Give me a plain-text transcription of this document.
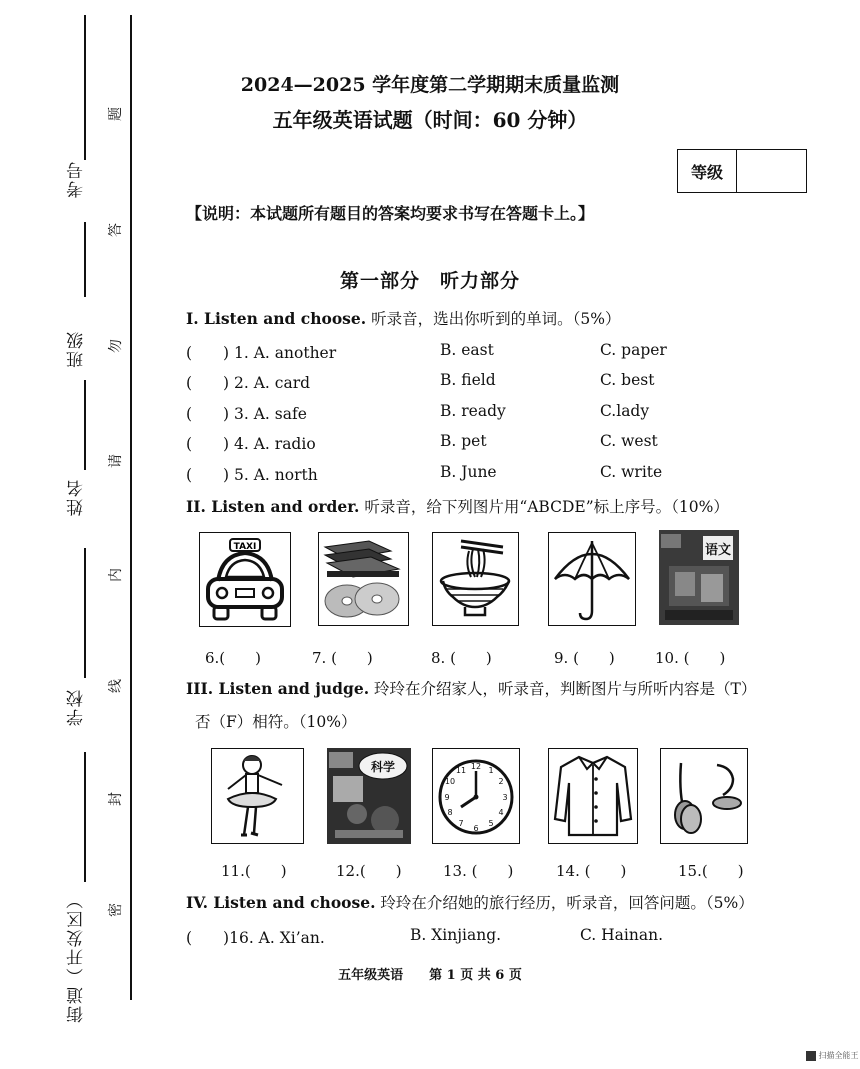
考号
班级
姓名
学校
街道（开发区）
题
答
勿
请
内
线
封
密
2024—2025 学年度第二学期期末质量监测
五年级英语试题（时间：60 分钟）
等级
【说明：本试题所有题目的答案均要求书写在答题卡上。】
第一部分　听力部分
I. Listen and choose. 听录音，选出你听到的单词。（5%）
(　　) 1. A. another	B. east	C. paper
(　　) 2. A. card	B. field	C. best
(　　) 3. A. safe	B. ready	C.lady
(　　) 4. A. radio	B. pet	C. west
(　　) 5. A. north	B. June	C. write
II. Listen and order. 听录音，给下列图片用“ABCDE”标上序号。（10%）
TAXI	语文
6.(　　)	7. (　　)	8. (　　)	9. (　　)	10. (　　)
III. Listen and judge. 玲玲在介绍家人，听录音，判断图片与所听内容是（T）
否（F）相符。（10%）
科学	12 1
2
3
4
5
6
7
8
9
10
11
11.(　　)	12.(　　)	13. (　　)	14. (　　)	15.(　　)
IV. Listen and choose. 玲玲在介绍她的旅行经历，听录音，回答问题。（5%）
(　　)16. A. Xi’an.	B. Xinjiang.	C. Hainan.
五年级英语　　第 1 页 共 6 页
扫描全能王
